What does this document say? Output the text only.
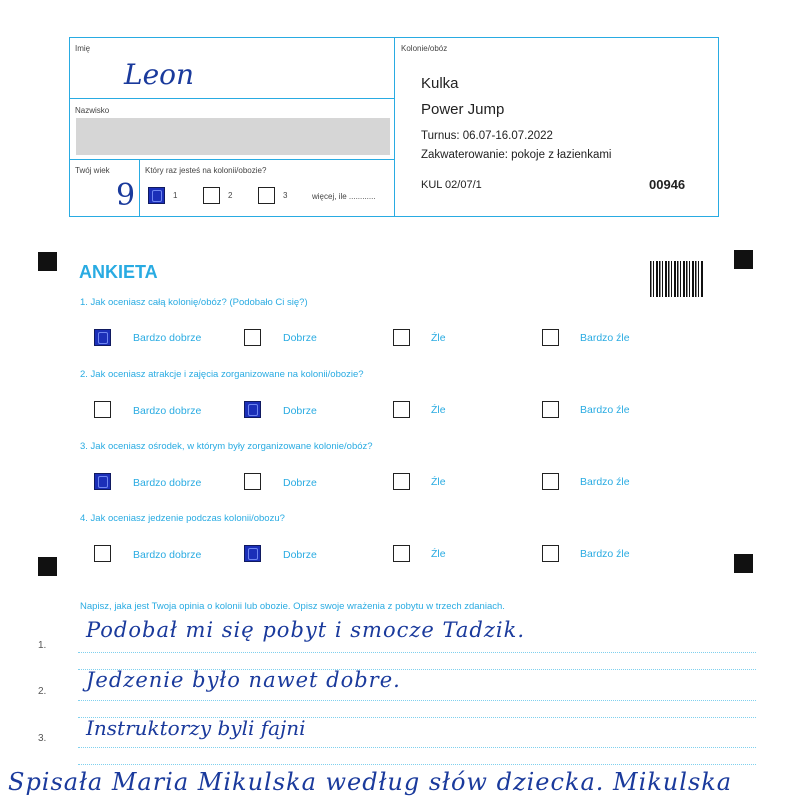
Imię
Leon
Nazwisko
Twój wiek
9
Który raz jesteś na kolonii/obozie?
1	2	3	więcej, ile ............
Kolonie/obóz
Kulka
Power Jump
Turnus: 06.07-16.07.2022
Zakwaterowanie: pokoje z łazienkami
KUL 02/07/1	00946
ANKIETA
1. Jak oceniasz całą kolonię/obóz? (Podobało Ci się?)
Bardzo dobrze	Dobrze	Źle	Bardzo źle
2. Jak oceniasz atrakcje i zajęcia zorganizowane na kolonii/obozie?
Bardzo dobrze	Dobrze	Źle	Bardzo źle
3. Jak oceniasz ośrodek, w którym były zorganizowane kolonie/obóz?
Bardzo dobrze	Dobrze	Źle	Bardzo źle
4. Jak oceniasz jedzenie podczas kolonii/obozu?
Bardzo dobrze	Dobrze	Źle	Bardzo źle
Napisz, jaka jest Twoja opinia o kolonii lub obozie. Opisz swoje wrażenia z pobytu w trzech zdaniach.
1.
Podobał mi się pobyt i smocze Tadzik.
2. Jedzenie było nawet dobre.
3. Instruktorzy byli fajni
Spisała Maria Mikulska według słów dziecka. Mikulska
